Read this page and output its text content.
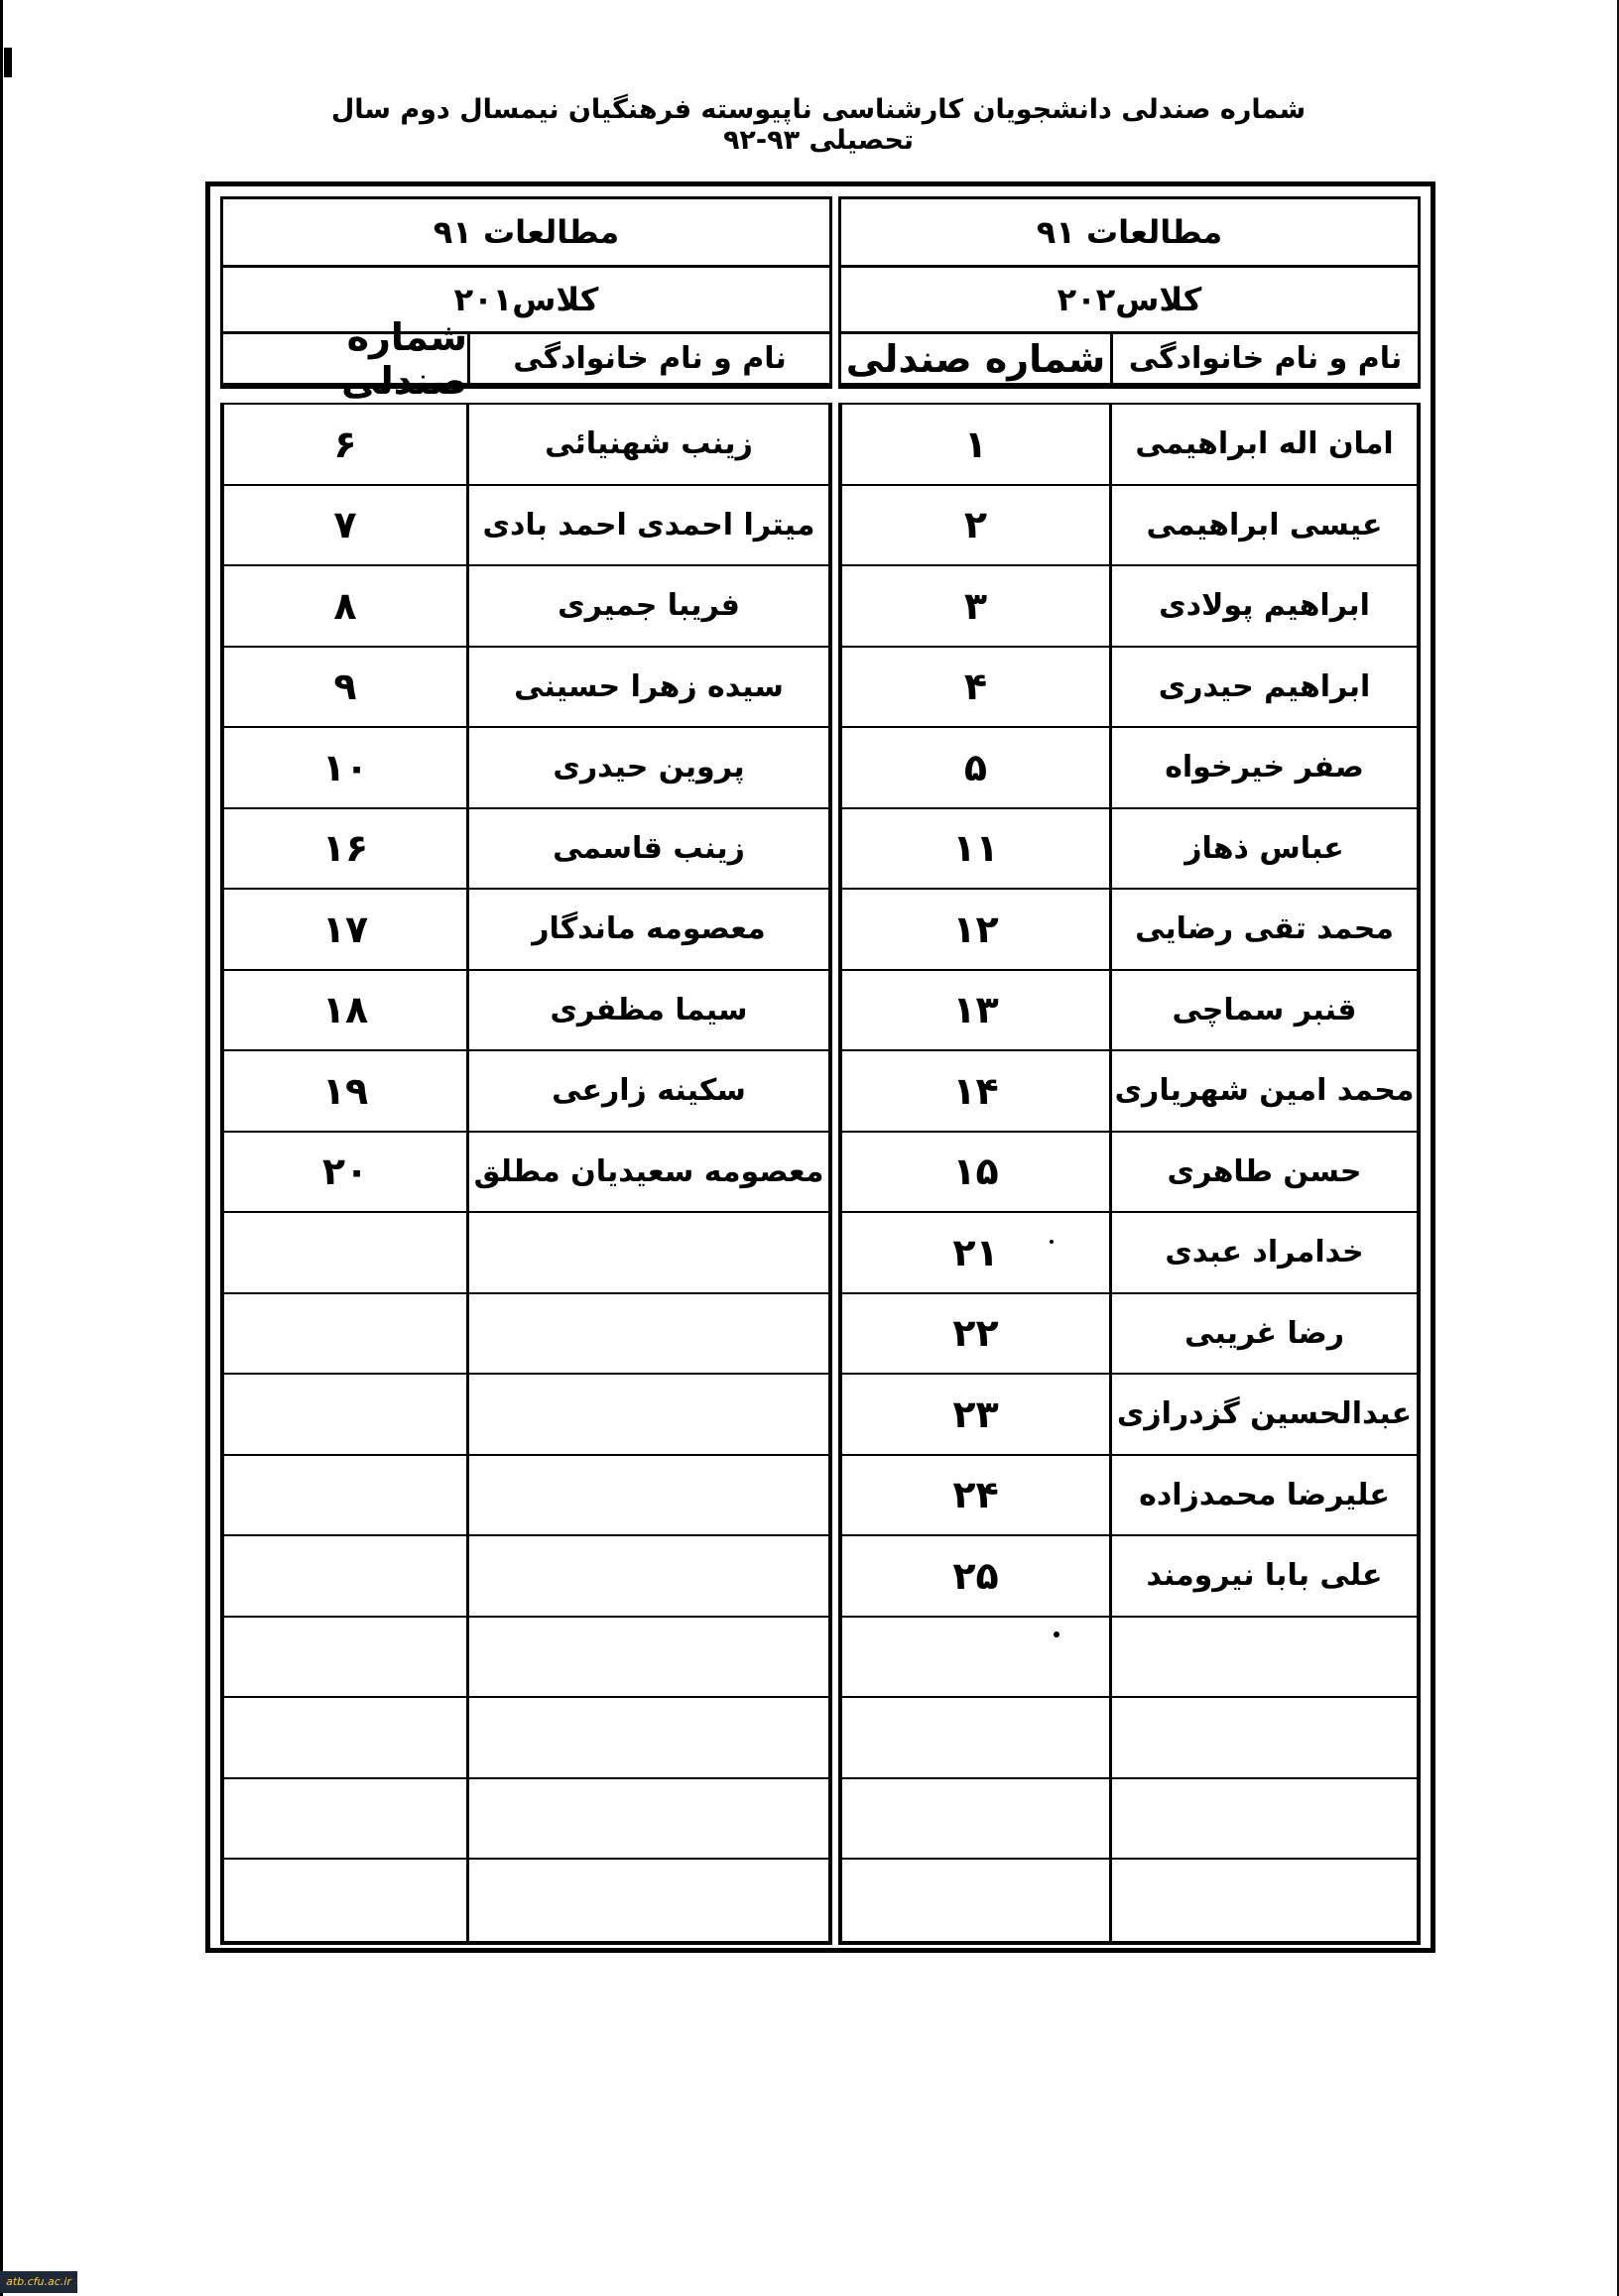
شماره صندلی دانشجویان کارشناسی ناپیوسته فرهنگیان نیمسال دوم سال تحصیلی ۹۳-۹۲
مطالعات ۹۱
کلاس۲۰۲
نام و نام خانوادگی
شماره صندلی
امان اله ابراهیمی
۱
عیسی ابراهیمی
۲
ابراهیم پولادی
۳
ابراهیم حیدری
۴
صفر خیرخواه
۵
عباس ذهاز
۱۱
محمد تقی رضایی
۱۲
قنبر سماچی
۱۳
محمد امین شهریاری
۱۴
حسن طاهری
۱۵
خدامراد عبدی
۲۱
رضا غریبی
۲۲
عبدالحسین گزدرازی
۲۳
علیرضا محمدزاده
۲۴
علی بابا نیرومند
۲۵
مطالعات ۹۱
کلاس۲۰۱
نام و نام خانوادگی
شماره صندلی
زینب شهنیائی
۶
میترا احمدی احمد بادی
۷
فریبا جمیری
۸
سیده زهرا حسینی
۹
پروین حیدری
۱۰
زینب قاسمی
۱۶
معصومه ماندگار
۱۷
سیما مظفری
۱۸
سکینه زارعی
۱۹
معصومه سعیدیان مطلق
۲۰
atb.cfu.ac.ir
